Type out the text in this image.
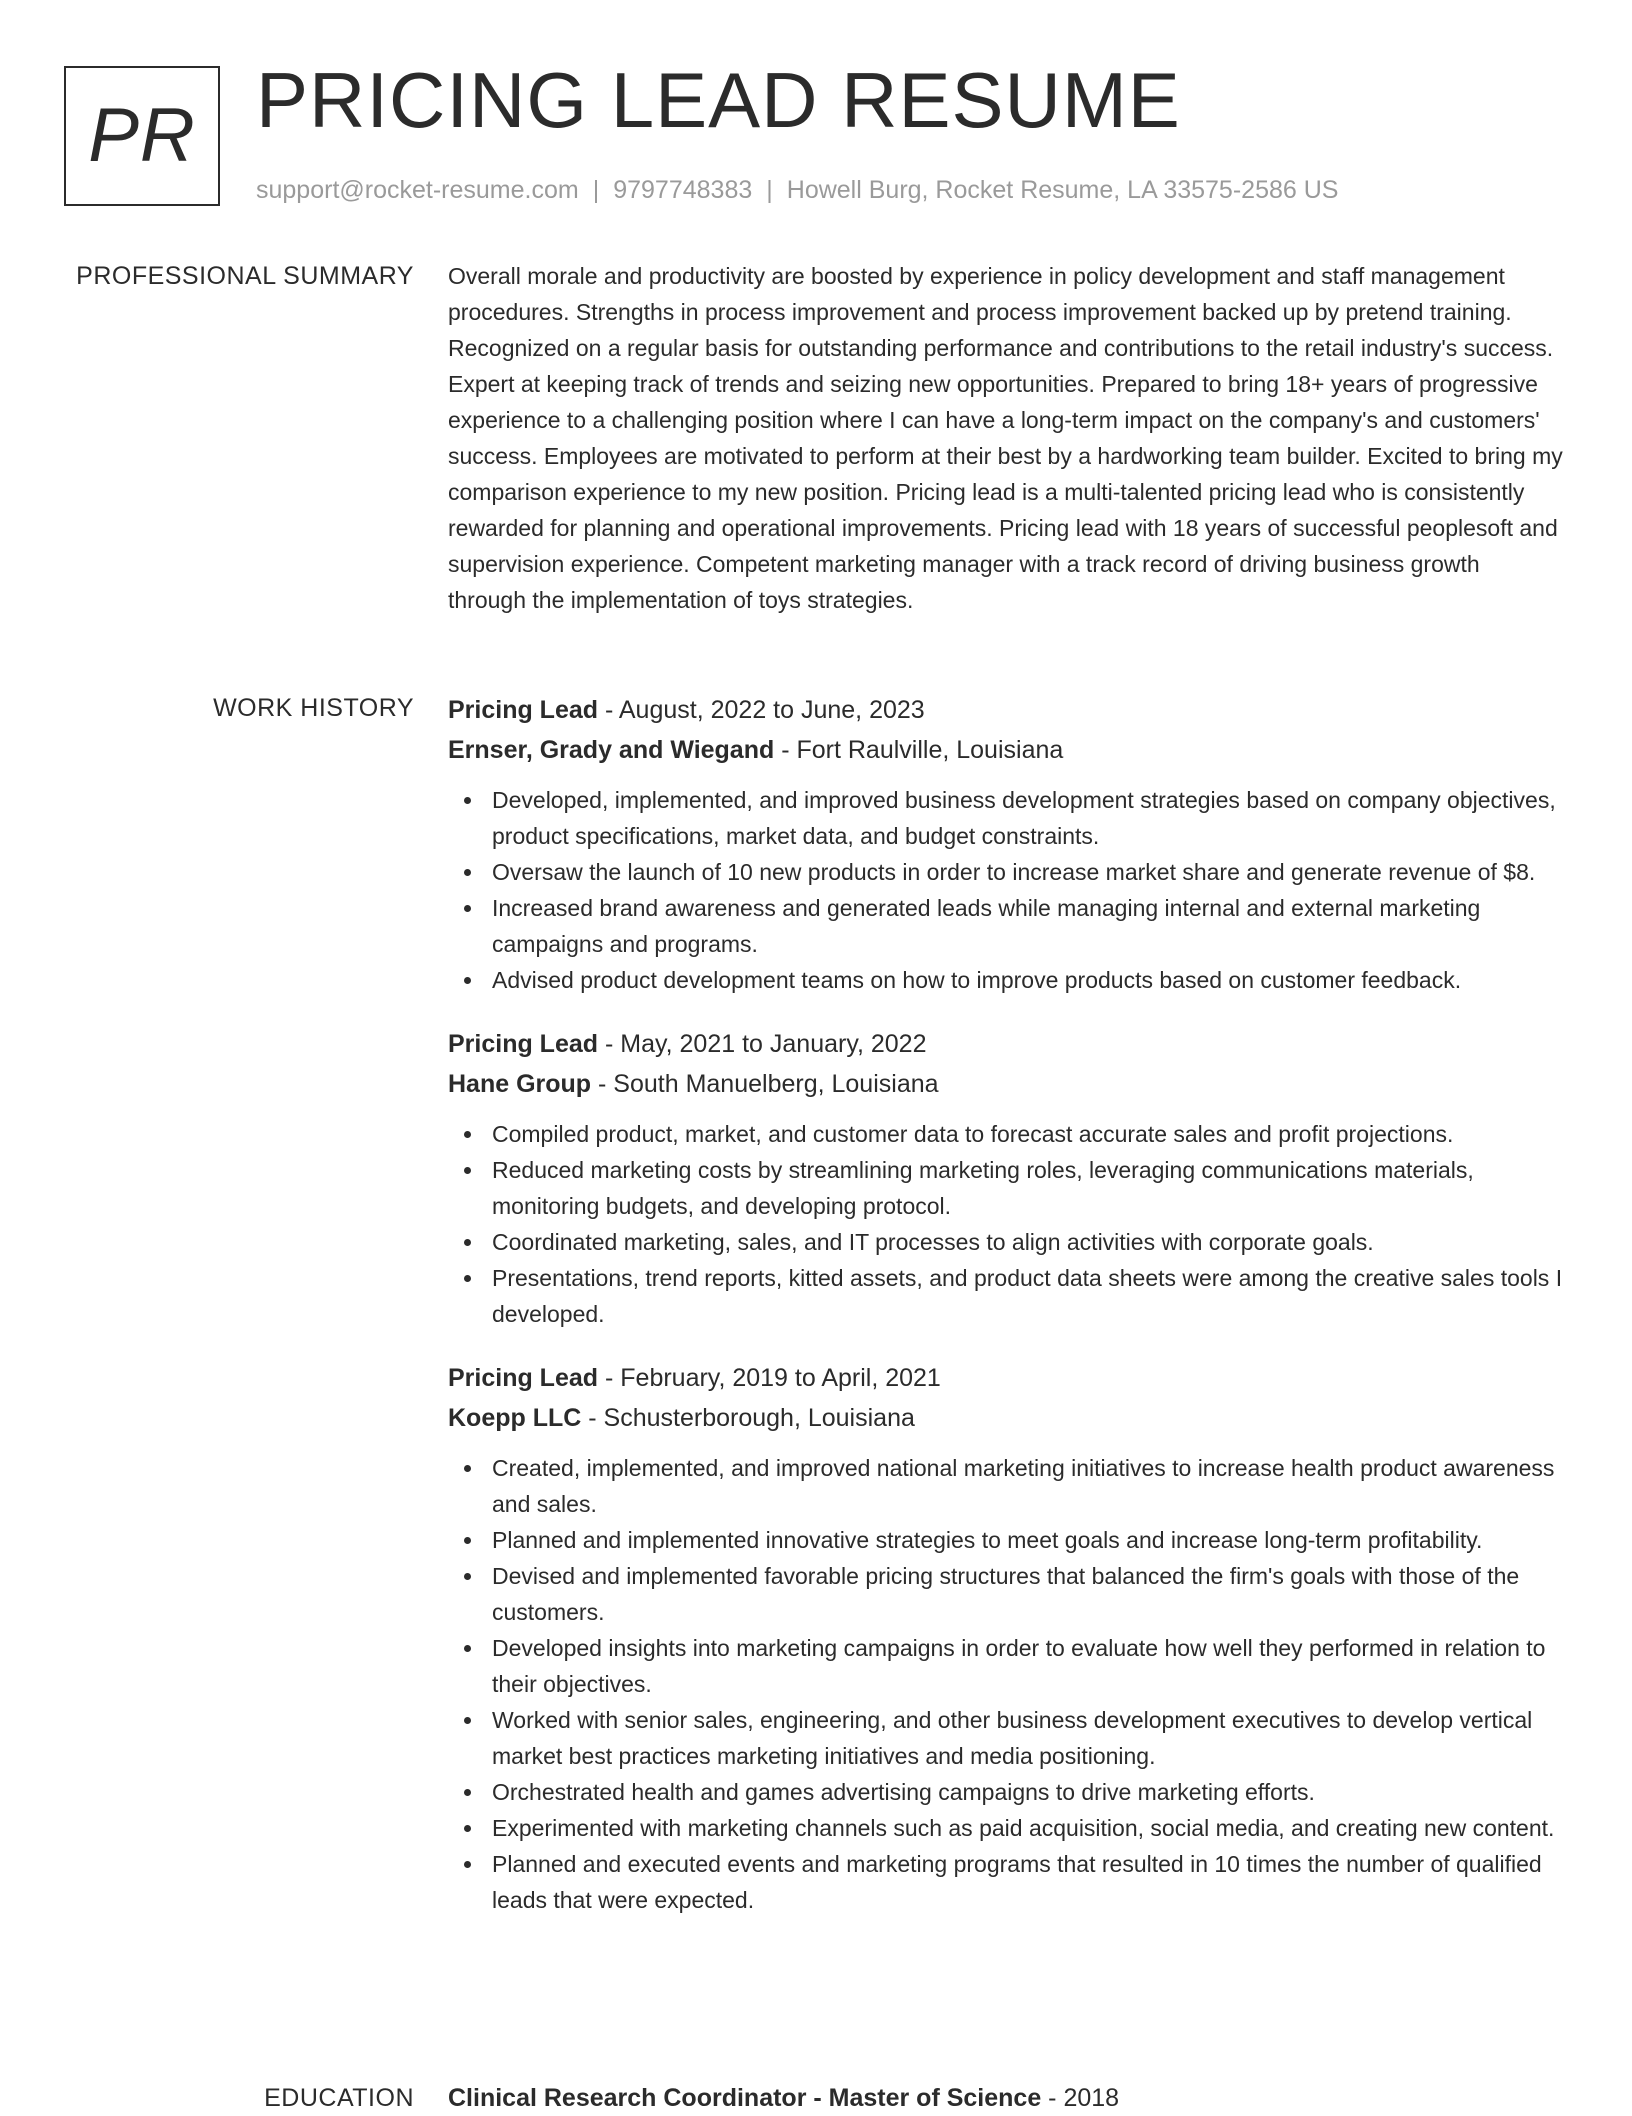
PR PRICING LEAD RESUME
support@rocket-resume.com | 9797748383 | Howell Burg, Rocket Resume, LA 33575-2586 US
PROFESSIONAL SUMMARY Overall morale and productivity are boosted by experience in policy development and staff management procedures. Strengths in process improvement and process improvement backed up by pretend training. Recognized on a regular basis for outstanding performance and contributions to the retail industry's success. Expert at keeping track of trends and seizing new opportunities. Prepared to bring 18+ years of progressive experience to a challenging position where I can have a long-term impact on the company's and customers' success. Employees are motivated to perform at their best by a hardworking team builder. Excited to bring my comparison experience to my new position. Pricing lead is a multi-talented pricing lead who is consistently rewarded for planning and operational improvements. Pricing lead with 18 years of successful peoplesoft and supervision experience. Competent marketing manager with a track record of driving business growth through the implementation of toys strategies.

WORK HISTORY Pricing Lead - August, 2022 to June, 2023
Ernser, Grady and Wiegand - Fort Raulville, Louisiana
Developed, implemented, and improved business development strategies based on company objectives, product specifications, market data, and budget constraints.
Oversaw the launch of 10 new products in order to increase market share and generate revenue of $8.
Increased brand awareness and generated leads while managing internal and external marketing campaigns and programs.
Advised product development teams on how to improve products based on customer feedback.
Pricing Lead - May, 2021 to January, 2022
Hane Group - South Manuelberg, Louisiana
Compiled product, market, and customer data to forecast accurate sales and profit projections.
Reduced marketing costs by streamlining marketing roles, leveraging communications materials, monitoring budgets, and developing protocol.
Coordinated marketing, sales, and IT processes to align activities with corporate goals.
Presentations, trend reports, kitted assets, and product data sheets were among the creative sales tools I developed.
Pricing Lead - February, 2019 to April, 2021
Koepp LLC - Schusterborough, Louisiana
Created, implemented, and improved national marketing initiatives to increase health product awareness and sales.
Planned and implemented innovative strategies to meet goals and increase long-term profitability.
Devised and implemented favorable pricing structures that balanced the firm's goals with those of the customers.
Developed insights into marketing campaigns in order to evaluate how well they performed in relation to their objectives.
Worked with senior sales, engineering, and other business development executives to develop vertical market best practices marketing initiatives and media positioning.
Orchestrated health and games advertising campaigns to drive marketing efforts.
Experimented with marketing channels such as paid acquisition, social media, and creating new content.
Planned and executed events and marketing programs that resulted in 10 times the number of qualified leads that were expected.
EDUCATION Clinical Research Coordinator - Master of Science - 2018
